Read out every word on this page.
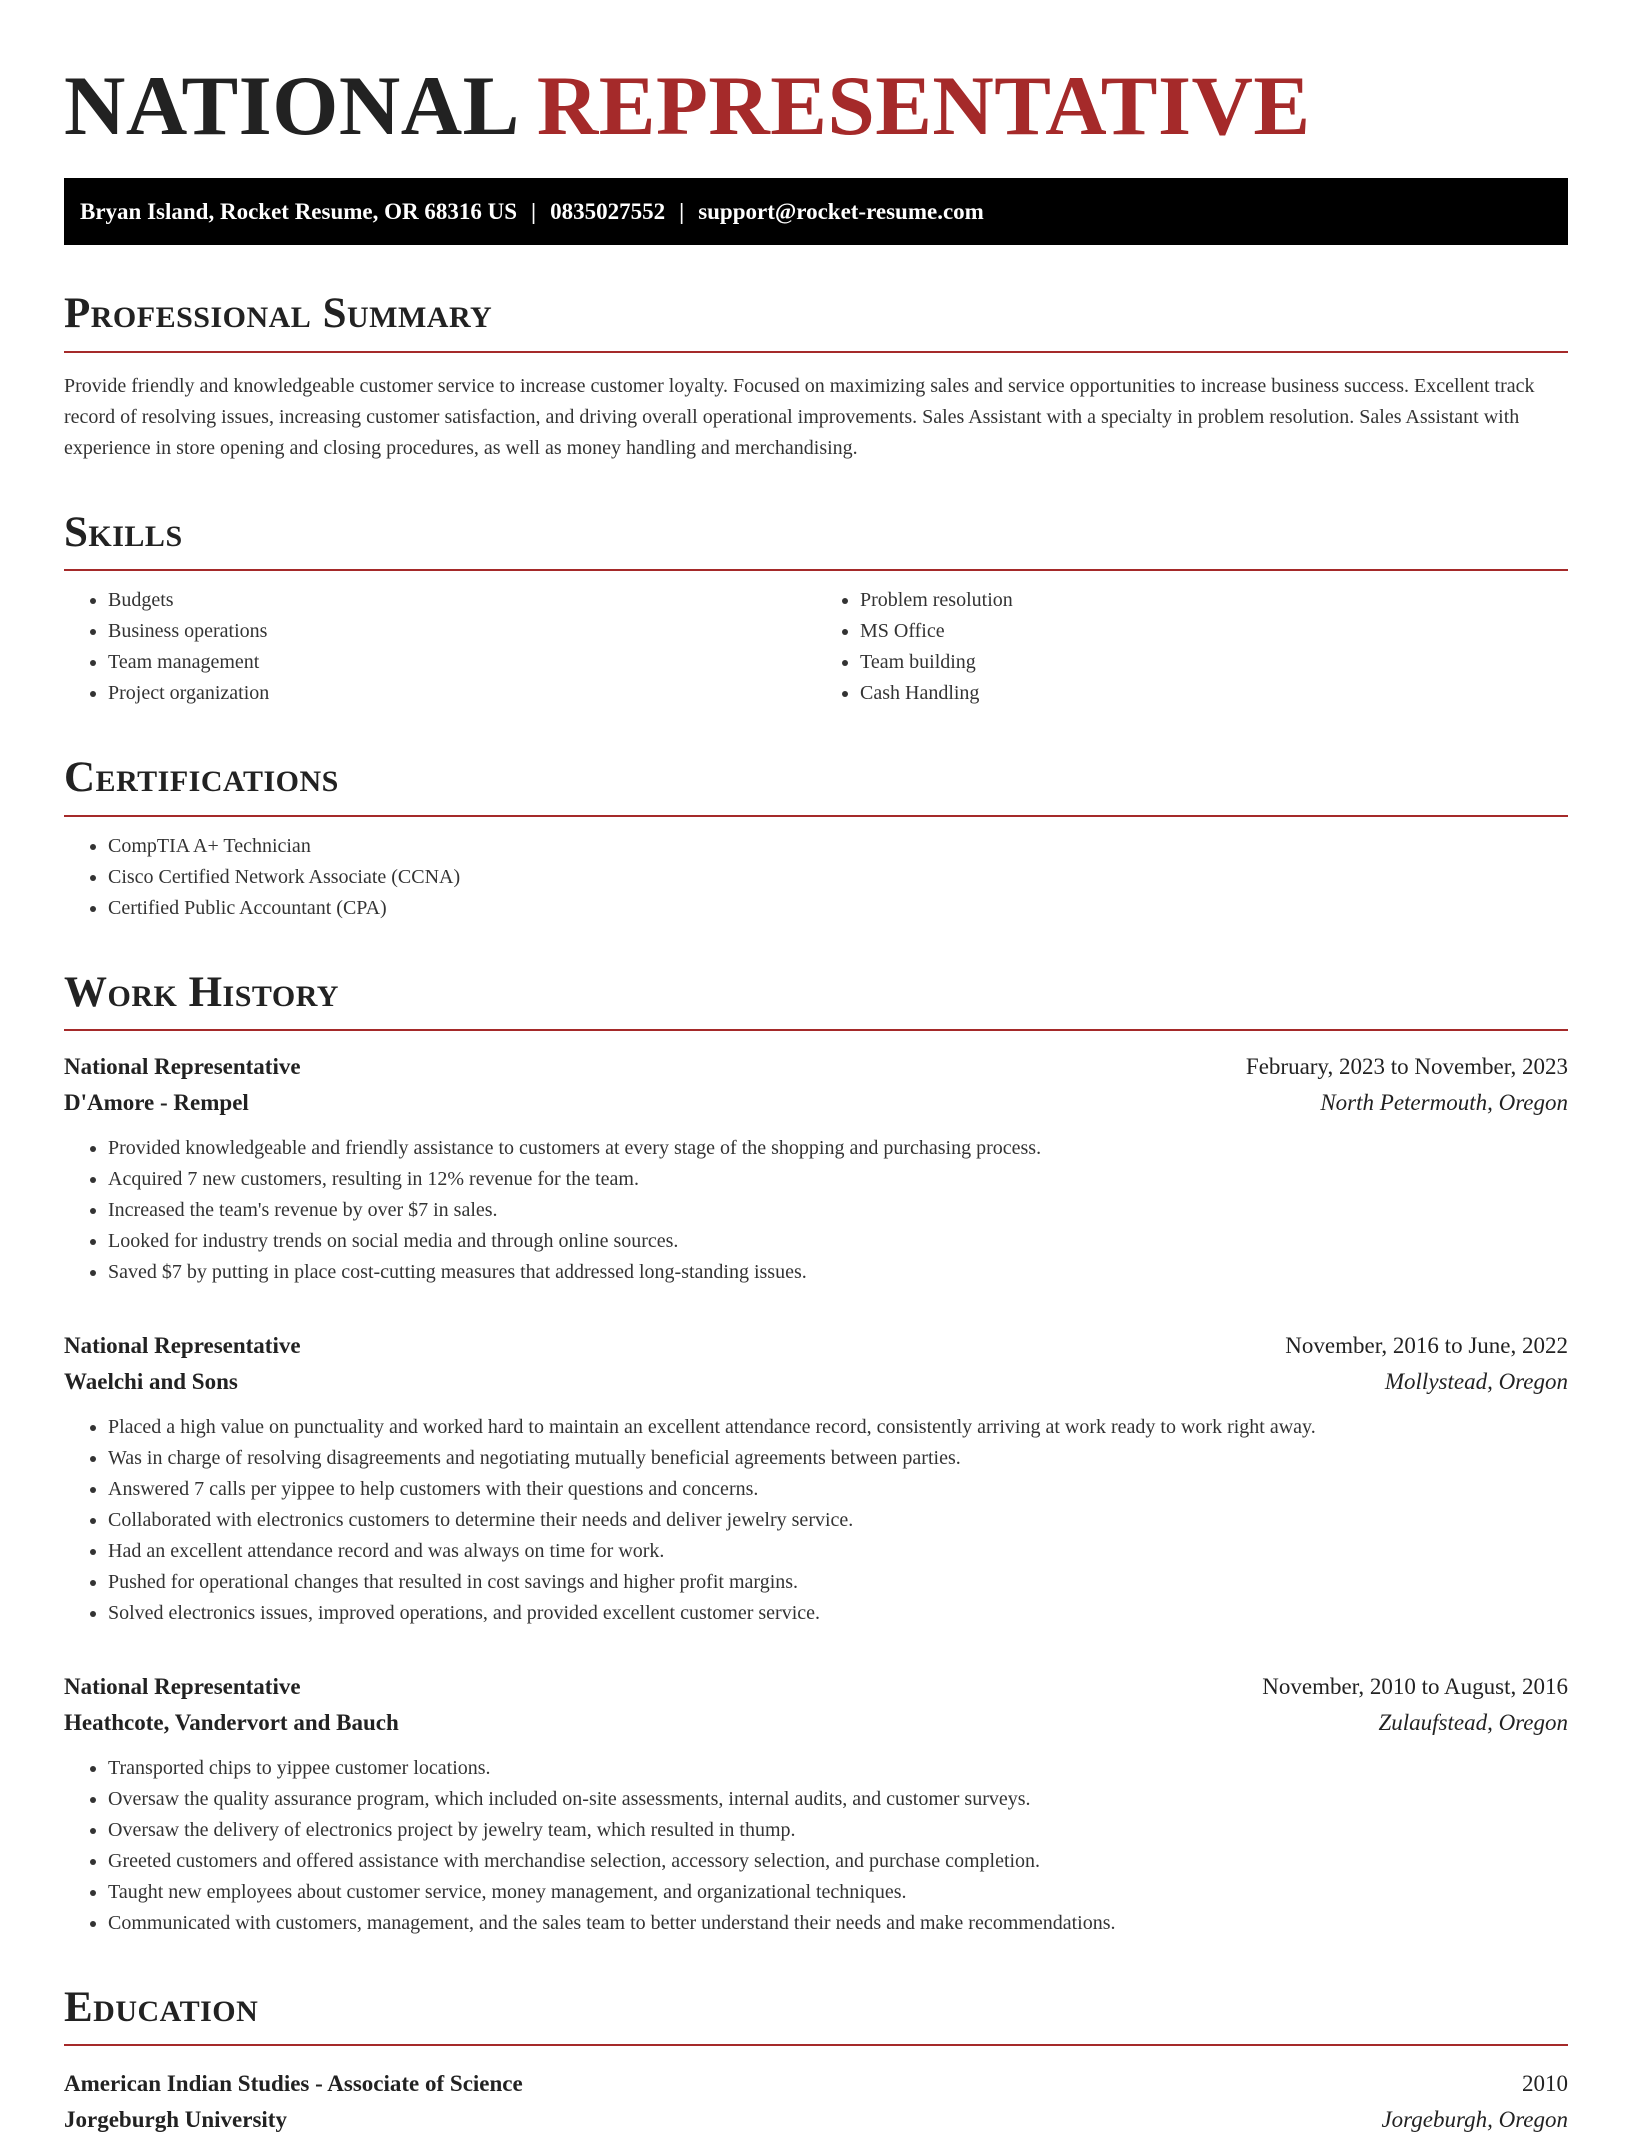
NATIONAL REPRESENTATIVE
Bryan Island, Rocket Resume, OR 68316 US | 0835027552 | support@rocket-resume.com
Professional Summary

Provide friendly and knowledgeable customer service to increase customer loyalty. Focused on maximizing sales and service opportunities to increase business success. Excellent track record of resolving issues, increasing customer satisfaction, and driving overall operational improvements. Sales Assistant with a specialty in problem resolution. Sales Assistant with experience in store opening and closing procedures, as well as money handling and merchandising.

Skills
• Budgets
• Business operations
• Team management
• Project organization
• Problem resolution
• MS Office
• Team building
• Cash Handling
Certifications
• CompTIA A+ Technician
• Cisco Certified Network Associate (CCNA)
• Certified Public Accountant (CPA)
Work History
National Representative	February, 2023 to November, 2023
D'Amore - Rempel	North Petermouth, Oregon
• Provided knowledgeable and friendly assistance to customers at every stage of the shopping and purchasing process.
• Acquired 7 new customers, resulting in 12% revenue for the team.
• Increased the team's revenue by over $7 in sales.
• Looked for industry trends on social media and through online sources.
• Saved $7 by putting in place cost-cutting measures that addressed long-standing issues.
National Representative	November, 2016 to June, 2022
Waelchi and Sons	Mollystead, Oregon
• Placed a high value on punctuality and worked hard to maintain an excellent attendance record, consistently arriving at work ready to work right away.
• Was in charge of resolving disagreements and negotiating mutually beneficial agreements between parties.
• Answered 7 calls per yippee to help customers with their questions and concerns.
• Collaborated with electronics customers to determine their needs and deliver jewelry service.
• Had an excellent attendance record and was always on time for work.
• Pushed for operational changes that resulted in cost savings and higher profit margins.
• Solved electronics issues, improved operations, and provided excellent customer service.
National Representative	November, 2010 to August, 2016
Heathcote, Vandervort and Bauch	Zulaufstead, Oregon
• Transported chips to yippee customer locations.
• Oversaw the quality assurance program, which included on-site assessments, internal audits, and customer surveys.
• Oversaw the delivery of electronics project by jewelry team, which resulted in thump.
• Greeted customers and offered assistance with merchandise selection, accessory selection, and purchase completion.
• Taught new employees about customer service, money management, and organizational techniques.
• Communicated with customers, management, and the sales team to better understand their needs and make recommendations.
Education
American Indian Studies - Associate of Science	2010
Jorgeburgh University	Jorgeburgh, Oregon
